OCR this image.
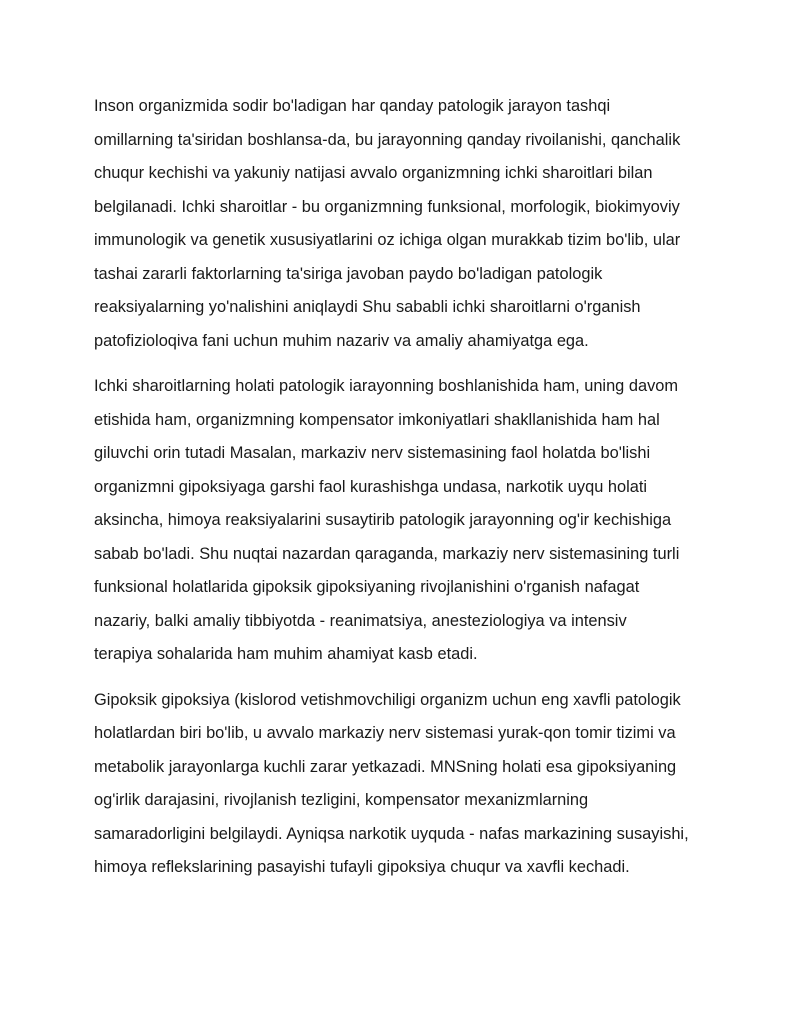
Inson organizmida sodir bo'ladigan har qanday patologik jarayon tashqi
omillarning ta'siridan boshlansa-da, bu jarayonning qanday rivoilanishi, qanchalik
chuqur kechishi va yakuniy natijasi avvalo organizmning ichki sharoitlari bilan
belgilanadi. Ichki sharoitlar - bu organizmning funksional, morfologik, biokimyoviy
immunologik va genetik xususiyatlarini oz ichiga olgan murakkab tizim bo'lib, ular
tashai zararli faktorlarning ta'siriga javoban paydo bo'ladigan patologik
reaksiyalarning yo'nalishini aniqlaydi Shu sababli ichki sharoitlarni o'rganish
patofizioloqiva fani uchun muhim nazariv va amaliy ahamiyatga ega.

Ichki sharoitlarning holati patologik iarayonning boshlanishida ham, uning davom
etishida ham, organizmning kompensator imkoniyatlari shakllanishida ham hal
giluvchi orin tutadi Masalan, markaziv nerv sistemasining faol holatda bo'lishi
organizmni gipoksiyaga garshi faol kurashishga undasa, narkotik uyqu holati
aksincha, himoya reaksiyalarini susaytirib patologik jarayonning og'ir kechishiga
sabab bo'ladi. Shu nuqtai nazardan qaraganda, markaziy nerv sistemasining turli
funksional holatlarida gipoksik gipoksiyaning rivojlanishini o'rganish nafagat
nazariy, balki amaliy tibbiyotda - reanimatsiya, anesteziologiya va intensiv
terapiya sohalarida ham muhim ahamiyat kasb etadi.

Gipoksik gipoksiya (kislorod vetishmovchiligi organizm uchun eng xavfli patologik
holatlardan biri bo'lib, u avvalo markaziy nerv sistemasi yurak-qon tomir tizimi va
metabolik jarayonlarga kuchli zarar yetkazadi. MNSning holati esa gipoksiyaning
og'irlik darajasini, rivojlanish tezligini, kompensator mexanizmlarning
samaradorligini belgilaydi. Ayniqsa narkotik uyquda - nafas markazining susayishi,
himoya reflekslarining pasayishi tufayli gipoksiya chuqur va xavfli kechadi.
